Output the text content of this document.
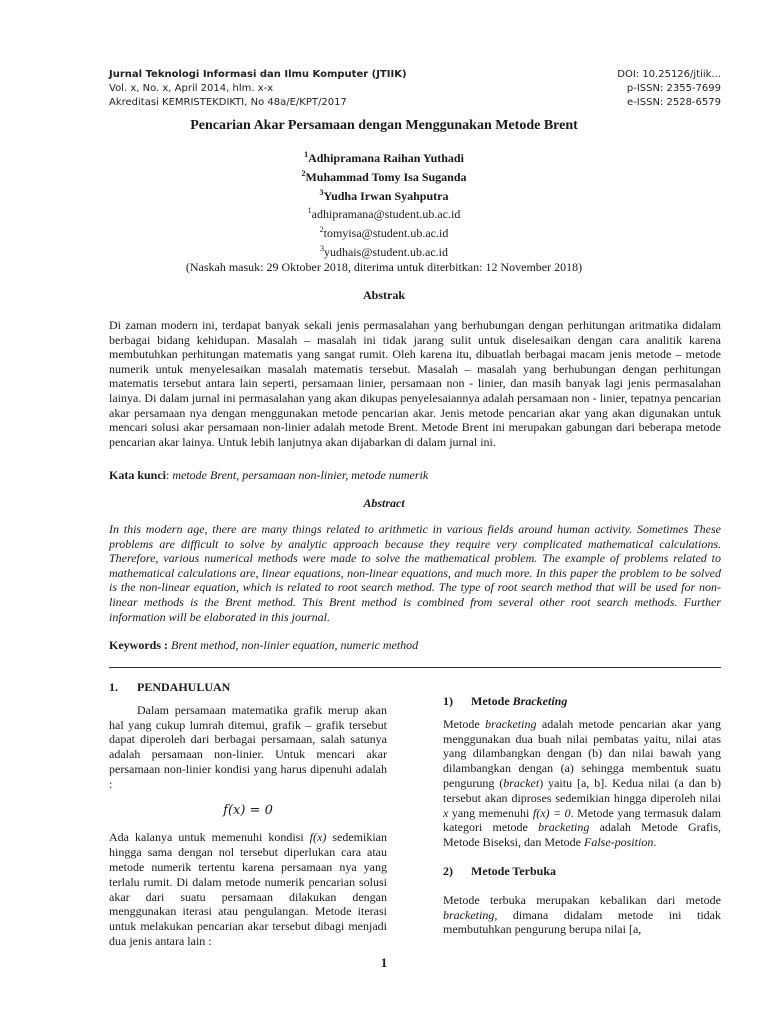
Jurnal Teknologi Informasi dan Ilmu Komputer (JTIIK)	DOI: 10.25126/jtiik...
Vol. x, No. x, April 2014, hlm. x-x	p-ISSN: 2355-7699
Akreditasi KEMRISTEKDIKTI, No 48a/E/KPT/2017	e-ISSN: 2528-6579
Pencarian Akar Persamaan dengan Menggunakan Metode Brent
$^1$Adhipramana Raihan Yuthadi
$^2$Muhammad Tomy Isa Suganda
$^3$Yudha Irwan Syahputra
$^1$adhipramana@student.ub.ac.id
$^2$tomyisa@student.ub.ac.id
$^3$yudhais@student.ub.ac.id
(Naskah masuk: 29 Oktober 2018, diterima untuk diterbitkan: 12 November 2018)
Abstrak
Di zaman modern ini, terdapat banyak sekali jenis permasalahan yang berhubungan dengan perhitungan aritmatika didalam berbagai bidang kehidupan. Masalah – masalah ini tidak jarang sulit untuk diselesaikan dengan cara analitik karena membutuhkan perhitungan matematis yang sangat rumit. Oleh karena itu, dibuatlah berbagai macam jenis metode – metode numerik untuk menyelesaikan masalah matematis tersebut. Masalah – masalah yang berhubungan dengan perhitungan matematis tersebut antara lain seperti, persamaan linier, persamaan non - linier, dan masih banyak lagi jenis permasalahan lainya. Di dalam jurnal ini permasalahan yang akan dikupas penyelesaiannya adalah persamaan non - linier, tepatnya pencarian akar persamaan nya dengan menggunakan metode pencarian akar. Jenis metode pencarian akar yang akan digunakan untuk mencari solusi akar persamaan non-linier adalah metode Brent. Metode Brent ini merupakan gabungan dari beberapa metode pencarian akar lainya. Untuk lebih lanjutnya akan dijabarkan di dalam jurnal ini.
Kata kunci: metode Brent, persamaan non-linier, metode numerik
Abstract
In this modern age, there are many things related to arithmetic in various fields around human activity. Sometimes These problems are difficult to solve by analytic approach because they require very complicated mathematical calculations. Therefore, various numerical methods were made to solve the mathematical problem. The example of problems related to mathematical calculations are, linear equations, non-linear equations, and much more. In this paper the problem to be solved is the non-linear equation, which is related to root search method. The type of root search method that will be used for non-linear methods is the Brent method. This Brent method is combined from several other root search methods. Further information will be elaborated in this journal.
Keywords : Brent method, non-linier equation, numeric method
1. PENDAHULUAN

Dalam persamaan matematika grafik merup akan hal yang cukup lumrah ditemui, grafik – grafik tersebut dapat diperoleh dari berbagai persamaan, salah satunya adalah persamaan non-linier. Untuk mencari akar persamaan non-linier kondisi yang harus dipenuhi adalah :

f(x) = 0

Ada kalanya untuk memenuhi kondisi f(x) sedemikian hingga sama dengan nol tersebut diperlukan cara atau metode numerik tertentu karena persamaan nya yang terlalu rumit. Di dalam metode numerik pencarian solusi akar dari suatu persamaan dilakukan dengan menggunakan iterasi atau pengulangan. Metode iterasi untuk melakukan pencarian akar tersebut dibagi menjadi dua jenis antara lain :

1) Metode Bracketing

Metode bracketing adalah metode pencarian akar yang menggunakan dua buah nilai pembatas yaitu, nilai atas yang dilambangkan dengan (b) dan nilai bawah yang dilambangkan dengan (a) sehingga membentuk suatu pengurung (bracket) yaitu [a, b]. Kedua nilai (a dan b) tersebut akan diproses sedemikian hingga diperoleh nilai x yang memenuhi f(x) = 0. Metode yang termasuk dalam kategori metode bracketing adalah Metode Grafis, Metode Biseksi, dan Metode False-position.

2) Metode Terbuka

Metode terbuka merupakan kebalikan dari metode bracketing, dimana didalam metode ini tidak membutuhkan pengurung berupa nilai [a,

1
